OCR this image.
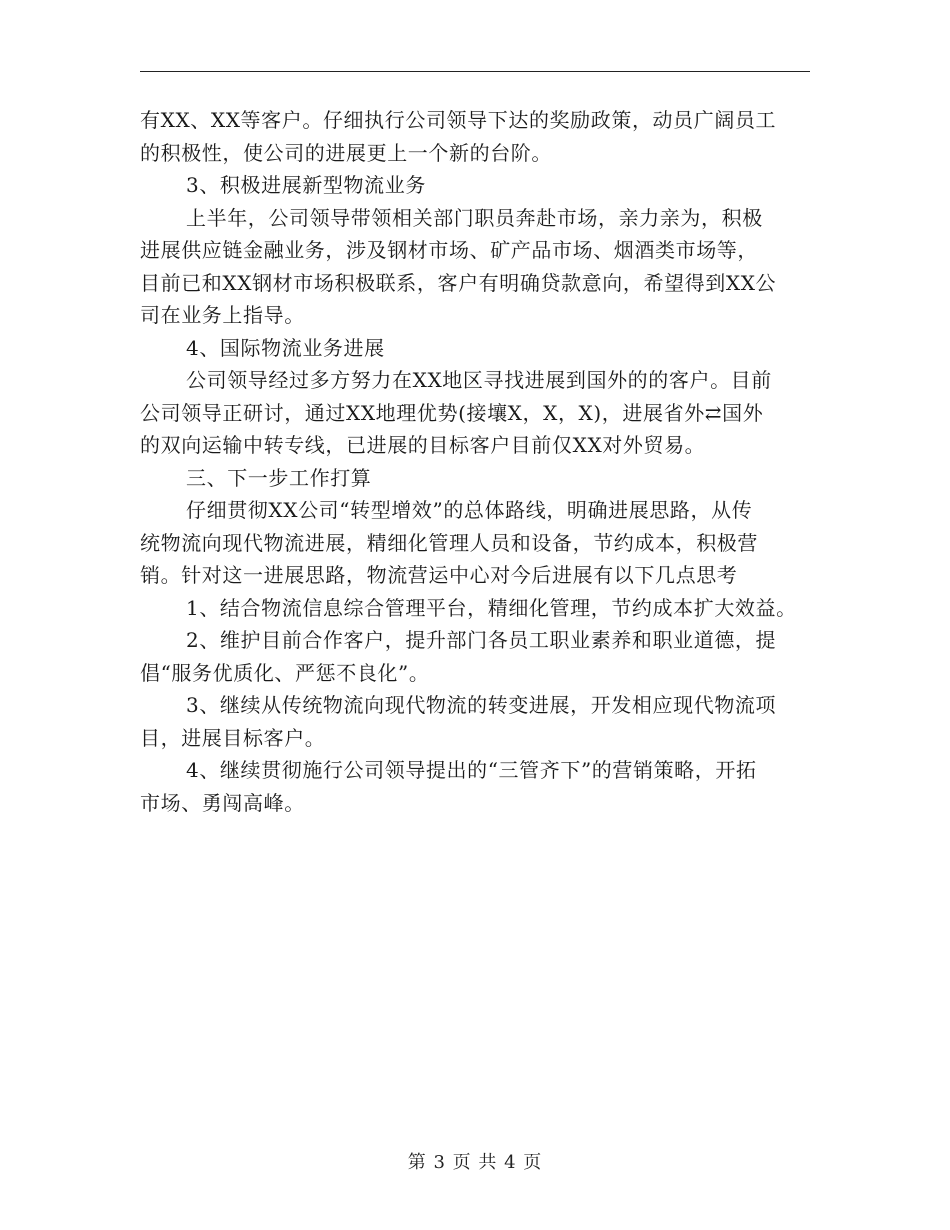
有XX、XX等客户。仔细执行公司领导下达的奖励政策，动员广阔员工
的积极性，使公司的进展更上一个新的台阶。
3、积极进展新型物流业务
上半年，公司领导带领相关部门职员奔赴市场，亲力亲为，积极
进展供应链金融业务，涉及钢材市场、矿产品市场、烟酒类市场等，
目前已和XX钢材市场积极联系，客户有明确贷款意向，希望得到XX公
司在业务上指导。
4、国际物流业务进展
公司领导经过多方努力在XX地区寻找进展到国外的的客户。目前
公司领导正研讨，通过XX地理优势(接壤X，X，X)，进展省外⇄国外
的双向运输中转专线，已进展的目标客户目前仅XX对外贸易。
三、下一步工作打算
仔细贯彻XX公司“转型增效”的总体路线，明确进展思路，从传
统物流向现代物流进展，精细化管理人员和设备，节约成本，积极营
销。针对这一进展思路，物流营运中心对今后进展有以下几点思考
1、结合物流信息综合管理平台，精细化管理，节约成本扩大效益。
2、维护目前合作客户，提升部门各员工职业素养和职业道德，提
倡“服务优质化、严惩不良化”。
3、继续从传统物流向现代物流的转变进展，开发相应现代物流项
目，进展目标客户。
4、继续贯彻施行公司领导提出的“三管齐下”的营销策略，开拓
市场、勇闯高峰。
第 3 页 共 4 页
